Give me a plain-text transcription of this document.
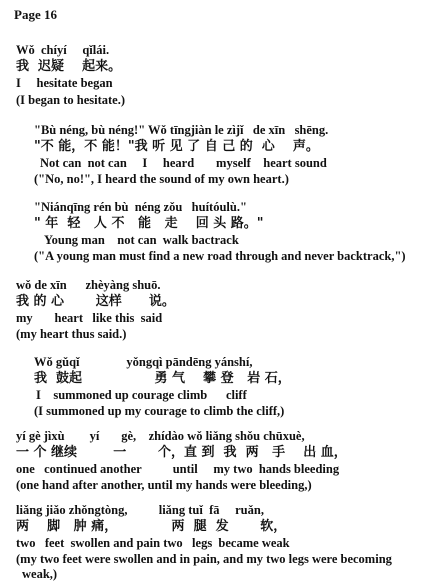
Page 16
Wǒ  chíyí     qǐlái.
我  迟疑    起来。
I     hesitate began
(I began to hesitate.)
"Bù néng, bù néng!" Wǒ tīngjiàn le zìjǐ   de xīn   shēng.
"不 能，不 能！"我 听 见 了 自 己 的  心    声。
Not can  not can     I     heard       myself    heart sound
("No, no!", I heard the sound of my own heart.)
"Niánqīng rén bù  néng zǒu   huítóulù."
" 年  轻   人 不   能   走    回 头 路。"
Young man    not can  walk bactrack
("A young man must find a new road through and never backtrack,")
wǒ de xīn      zhèyàng shuō.
我 的 心       这样      说。
my       heart   like this  said
(my heart thus said.)
Wǒ gǔqǐ               yǒngqì pāndēng yánshí,
我  鼓起                勇 气    攀 登   岩 石，
I    summoned up courage climb      cliff
(I summoned up my courage to climb the cliff,)
yí gè jìxù        yí       gè,    zhídào wǒ liǎng shǒu chūxuè,
一 个 继续        一       个，直 到  我  两   手    出 血，
one   continued another          until     my two  hands bleeding
(one hand after another, until my hands were bleeding,)
liǎng jiǎo zhǒngtòng,          liǎng tuǐ  fā     ruǎn,
两    脚   肿 痛，            两  腿  发       软，
two   feet  swollen and pain two   legs  became weak
(my two feet were swollen and in pain, and my two legs were becoming
weak,)
